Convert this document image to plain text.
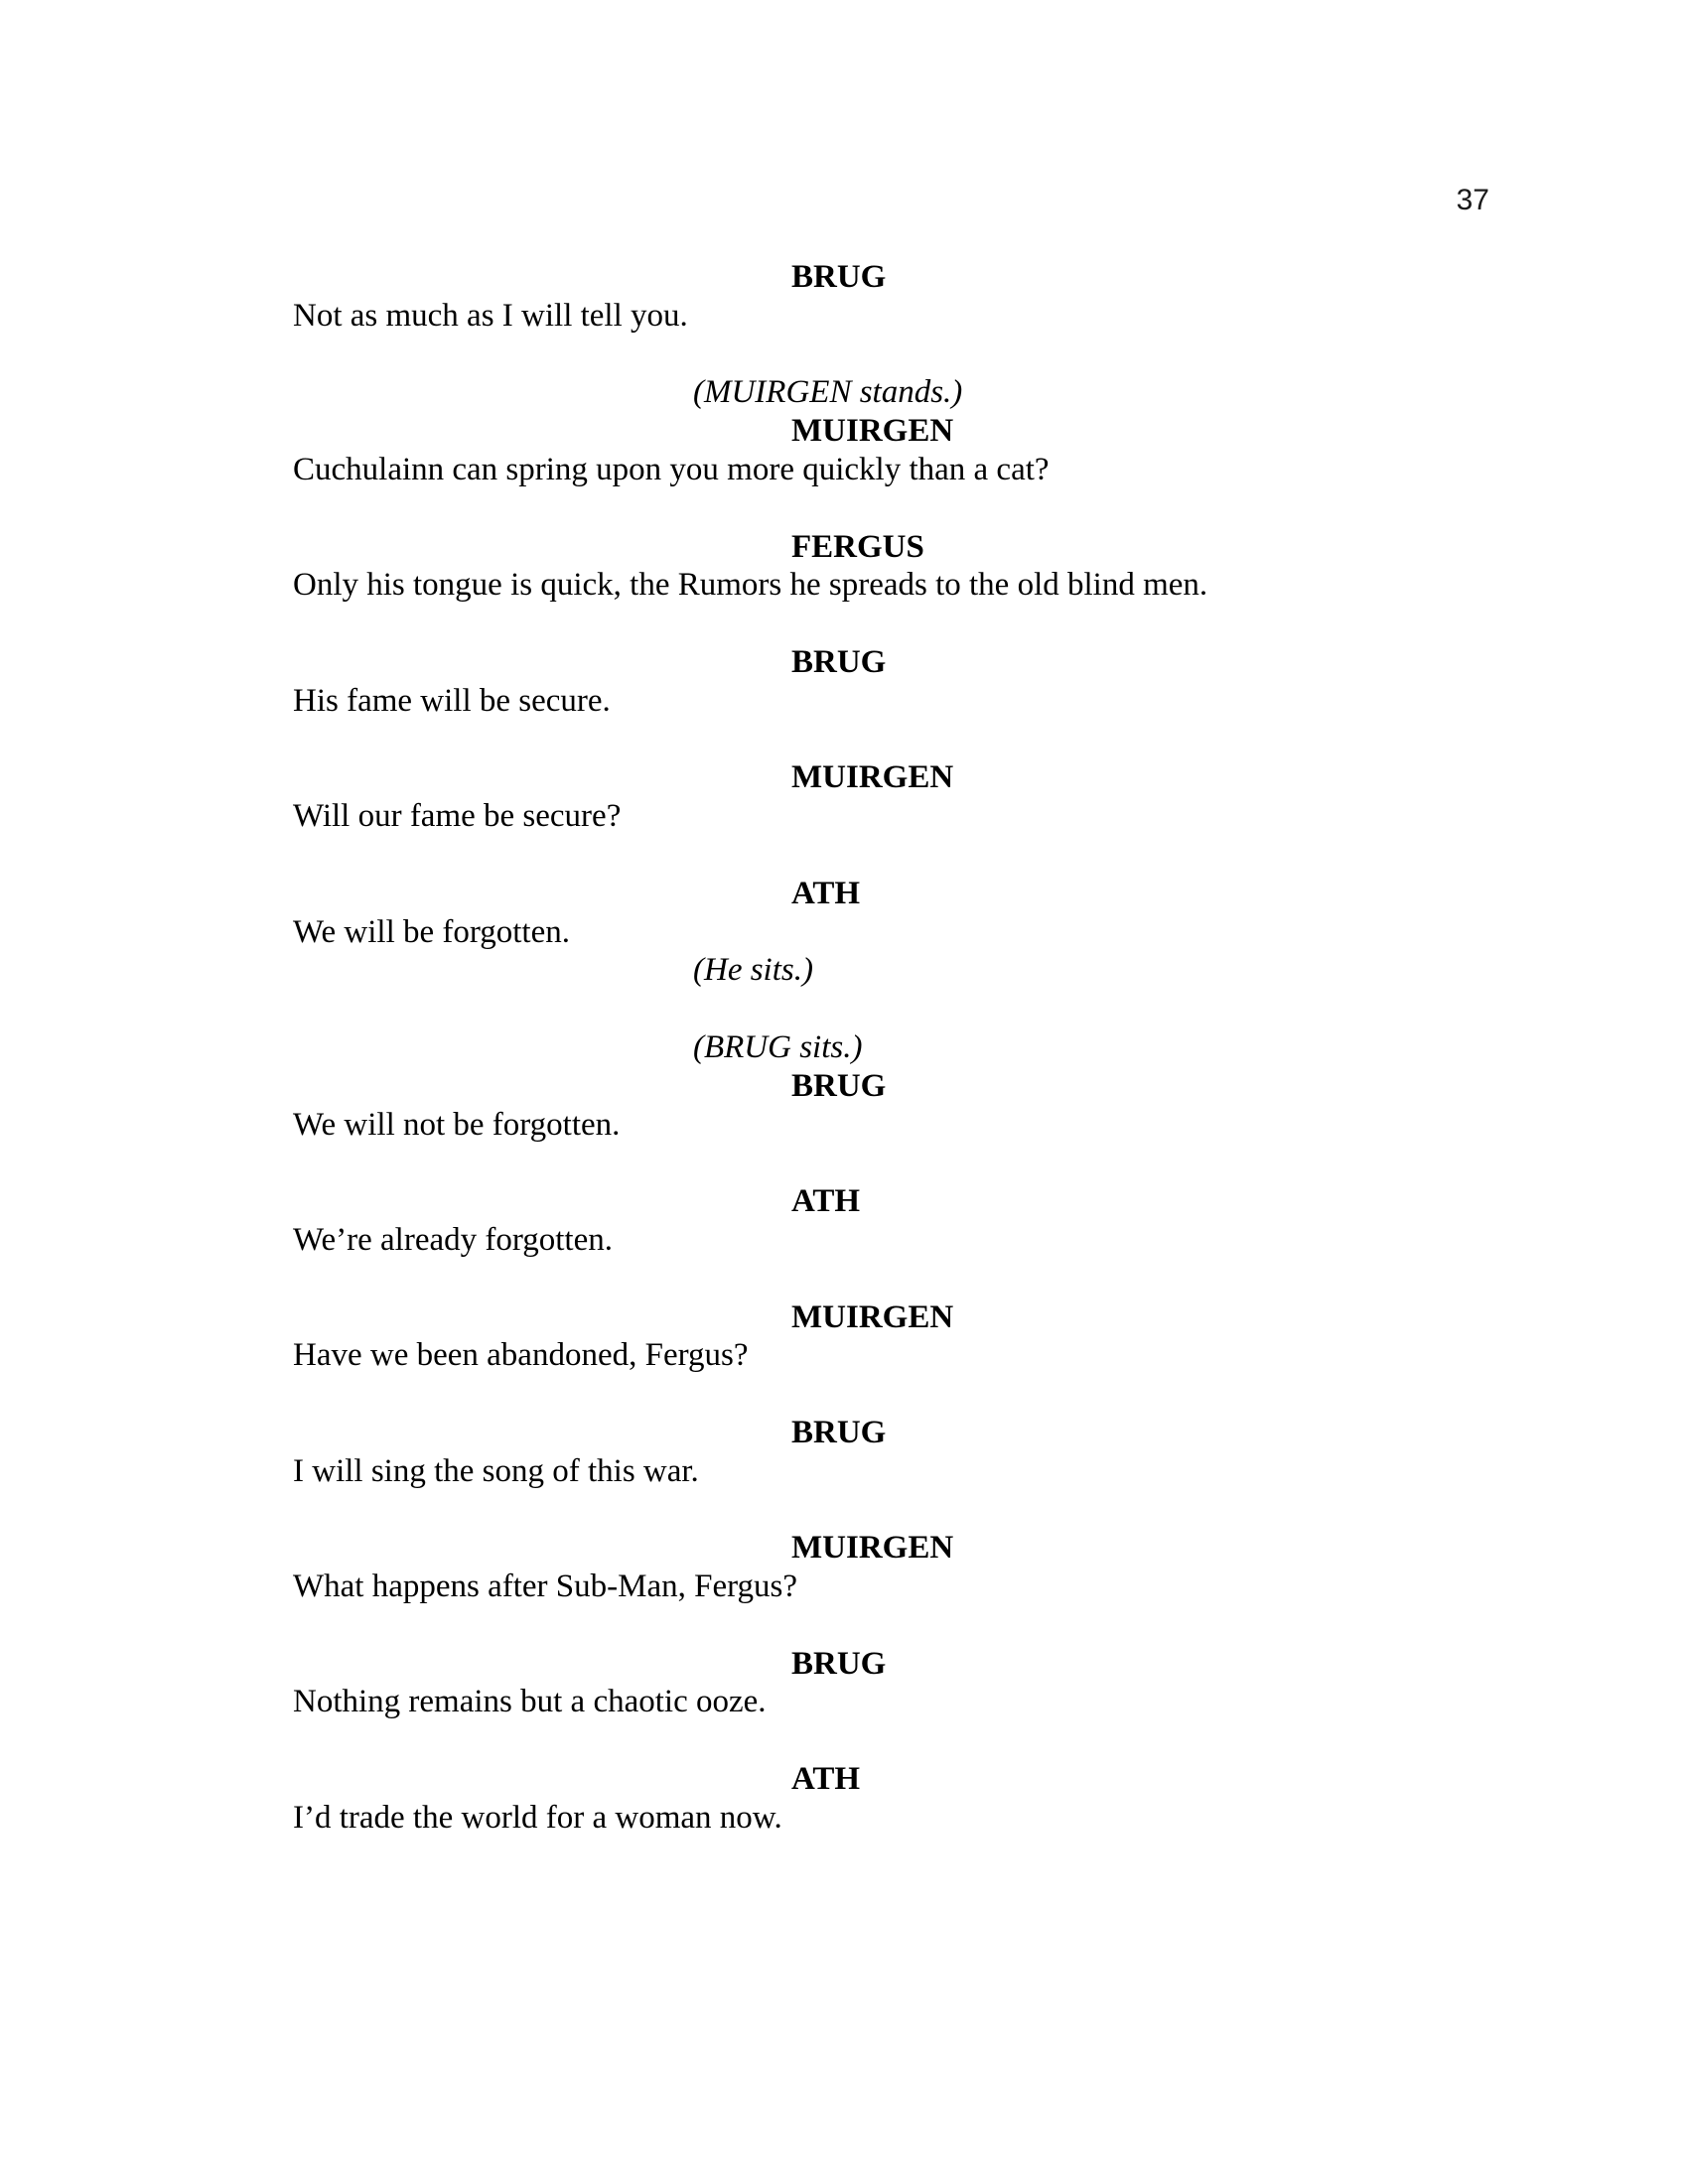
37
BRUG
Not as much as I will tell you.
(MUIRGEN stands.)
MUIRGEN
Cuchulainn can spring upon you more quickly than a cat?
FERGUS
Only his tongue is quick, the Rumors he spreads to the old blind men.
BRUG
His fame will be secure.
MUIRGEN
Will our fame be secure?
ATH
We will be forgotten.
(He sits.)
(BRUG sits.)
BRUG
We will not be forgotten.
ATH
We’re already forgotten.
MUIRGEN
Have we been abandoned, Fergus?
BRUG
I will sing the song of this war.
MUIRGEN
What happens after Sub-Man, Fergus?
BRUG
Nothing remains but a chaotic ooze.
ATH
I’d trade the world for a woman now.
